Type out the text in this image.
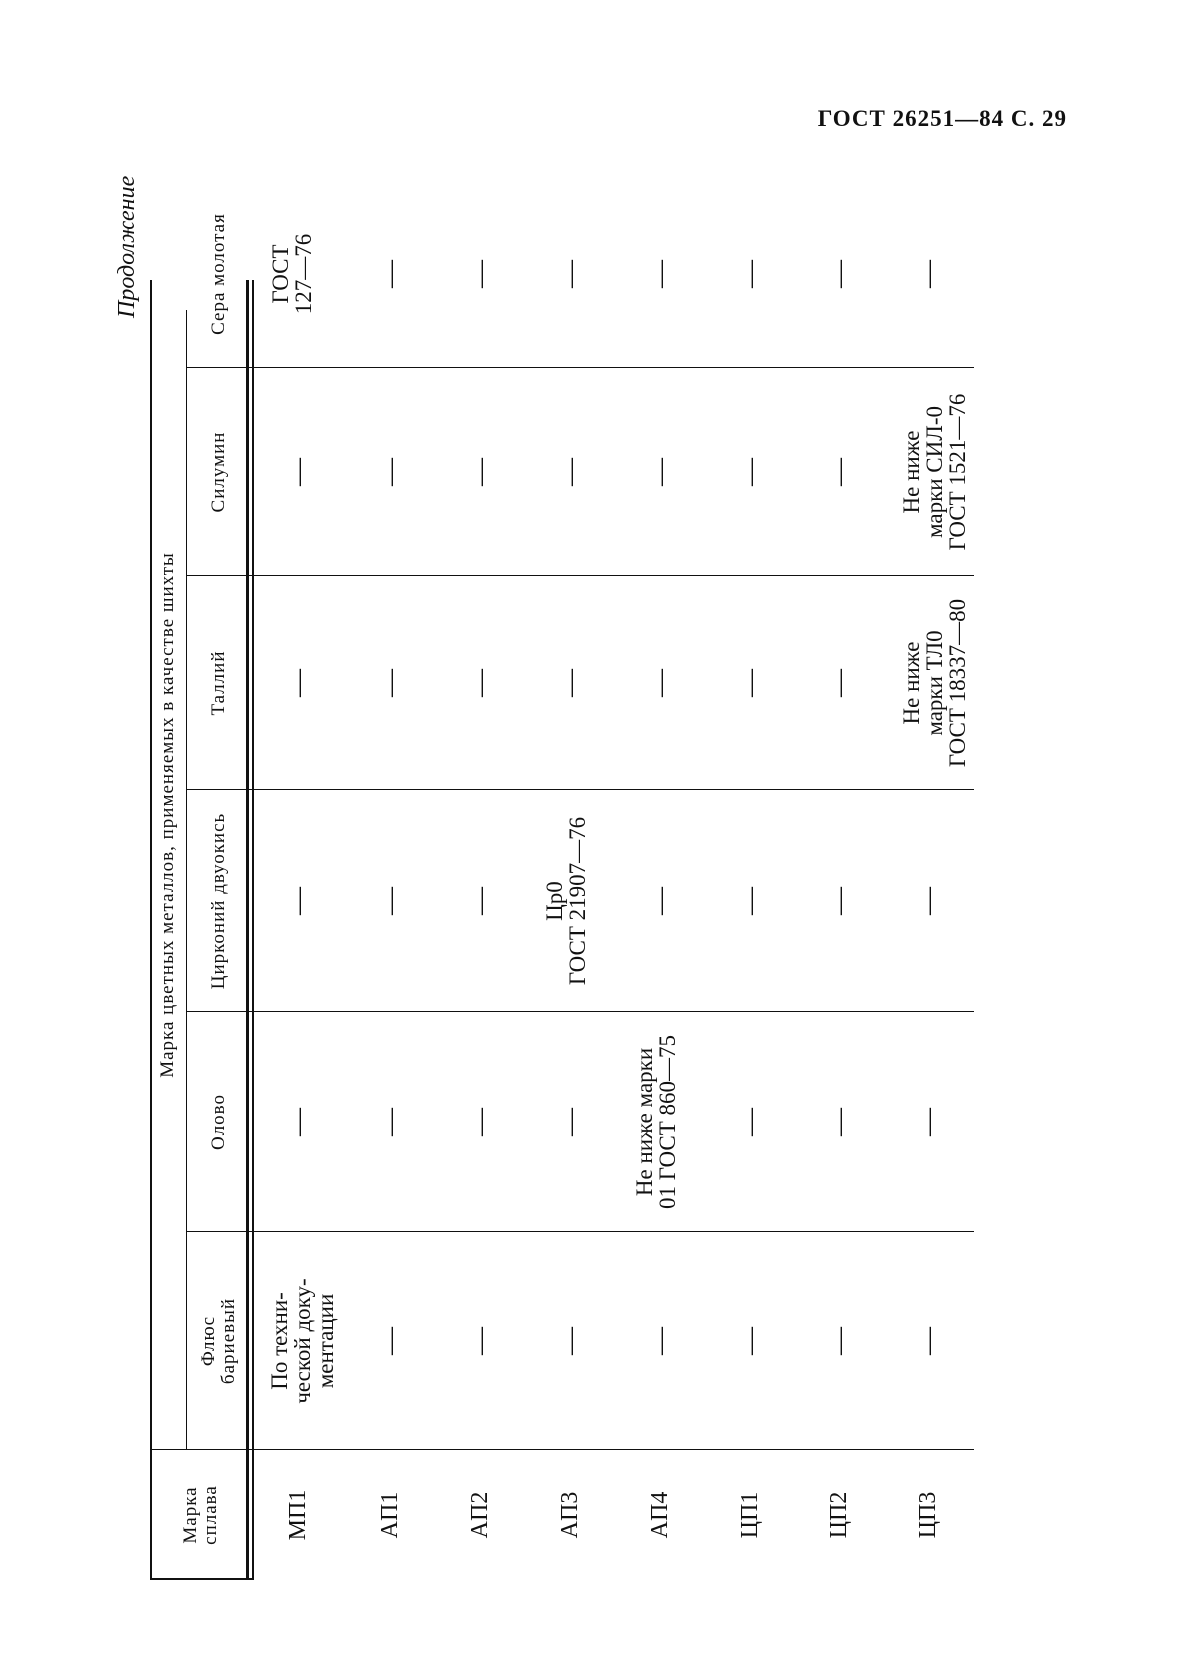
ГОСТ 26251—84 С. 29
Продолжение
Марка
сплава
Марка цветных металлов, применяемых в качестве шихты
Флюс
бариевый
Олово
Цирконий двуокись
Таллий
Силумин
Сера молотая
МП1
По техни-
ческой доку-
ментации
—
—
—
—
ГОСТ
127—76
АП1
—
—
—
—
—
—
АП2
—
—
—
—
—
—
АП3
—
—
Цр0
ГОСТ 21907—76
—
—
—
АП4
—
Не ниже марки
01 ГОСТ 860—75
—
—
—
—
ЦП1
—
—
—
—
—
—
ЦП2
—
—
—
—
—
—
ЦП3
—
—
—
Не ниже
марки ТЛ0
ГОСТ 18337—80
Не ниже
марки СИЛ-0
ГОСТ 1521—76
—
